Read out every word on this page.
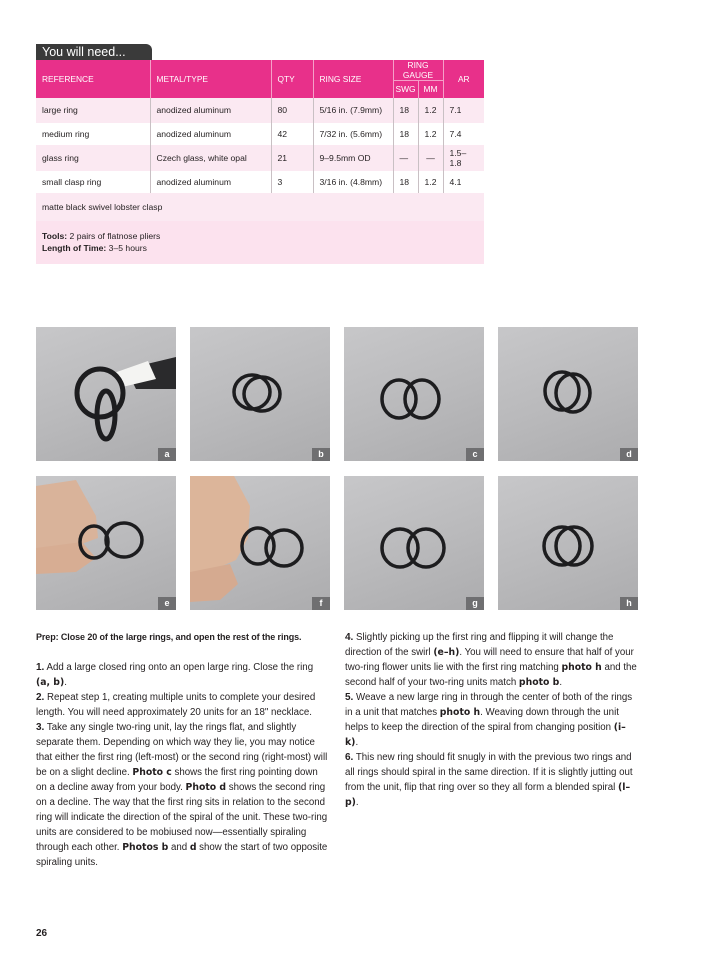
You will need...
REFERENCE	METAL/TYPE	QTY	RING SIZE	RING GAUGE		AR
				SWG	MM	
large ring	anodized aluminum	80	5/16 in. (7.9mm)	18	1.2	7.1
medium ring	anodized aluminum	42	7/32 in. (5.6mm)	18	1.2	7.4
glass ring	Czech glass, white opal	21	9–9.5mm OD	—	—	1.5–
1.8
small clasp ring	anodized aluminum	3	3/16 in. (4.8mm)	18	1.2	4.1
matte black swivel lobster clasp						

Tools: 2 pairs of flatnose pliers
Length of Time: 3–5 hours						
a	b	c	d
e	f	g	h

Prep: Close 20 of the large rings, and open the rest of the rings.

1. Add a large closed ring onto an open large ring. Close the ring (a, b).

2. Repeat step 1, creating multiple units to complete your desired length. You will need approximately 20 units for an 18" necklace.

3. Take any single two-ring unit, lay the rings flat, and slightly separate them. Depending on which way they lie, you may notice that either the first ring (left-most) or the second ring (right-most) will be on a slight decline. Photo c shows the first ring pointing down on a decline away from your body. Photo d shows the second ring on a decline. The way that the first ring sits in relation to the second ring will indicate the direction of the spiral of the unit. These two-ring units are considered to be mobiused now—essentially spiraling through each other. Photos b and d show the start of two opposite spiraling units.

4. Slightly picking up the first ring and flipping it will change the direction of the swirl (e–h). You will need to ensure that half of your two-ring flower units lie with the first ring matching photo h and the second half of your two-ring units match photo b.

5. Weave a new large ring in through the center of both of the rings in a unit that matches photo h. Weaving down through the unit helps to keep the direction of the spiral from changing position (i–k).

6. This new ring should fit snugly in with the previous two rings and all rings should spiral in the same direction. If it is slightly jutting out from the unit, flip that ring over so they all form a blended spiral (l–p).

26
